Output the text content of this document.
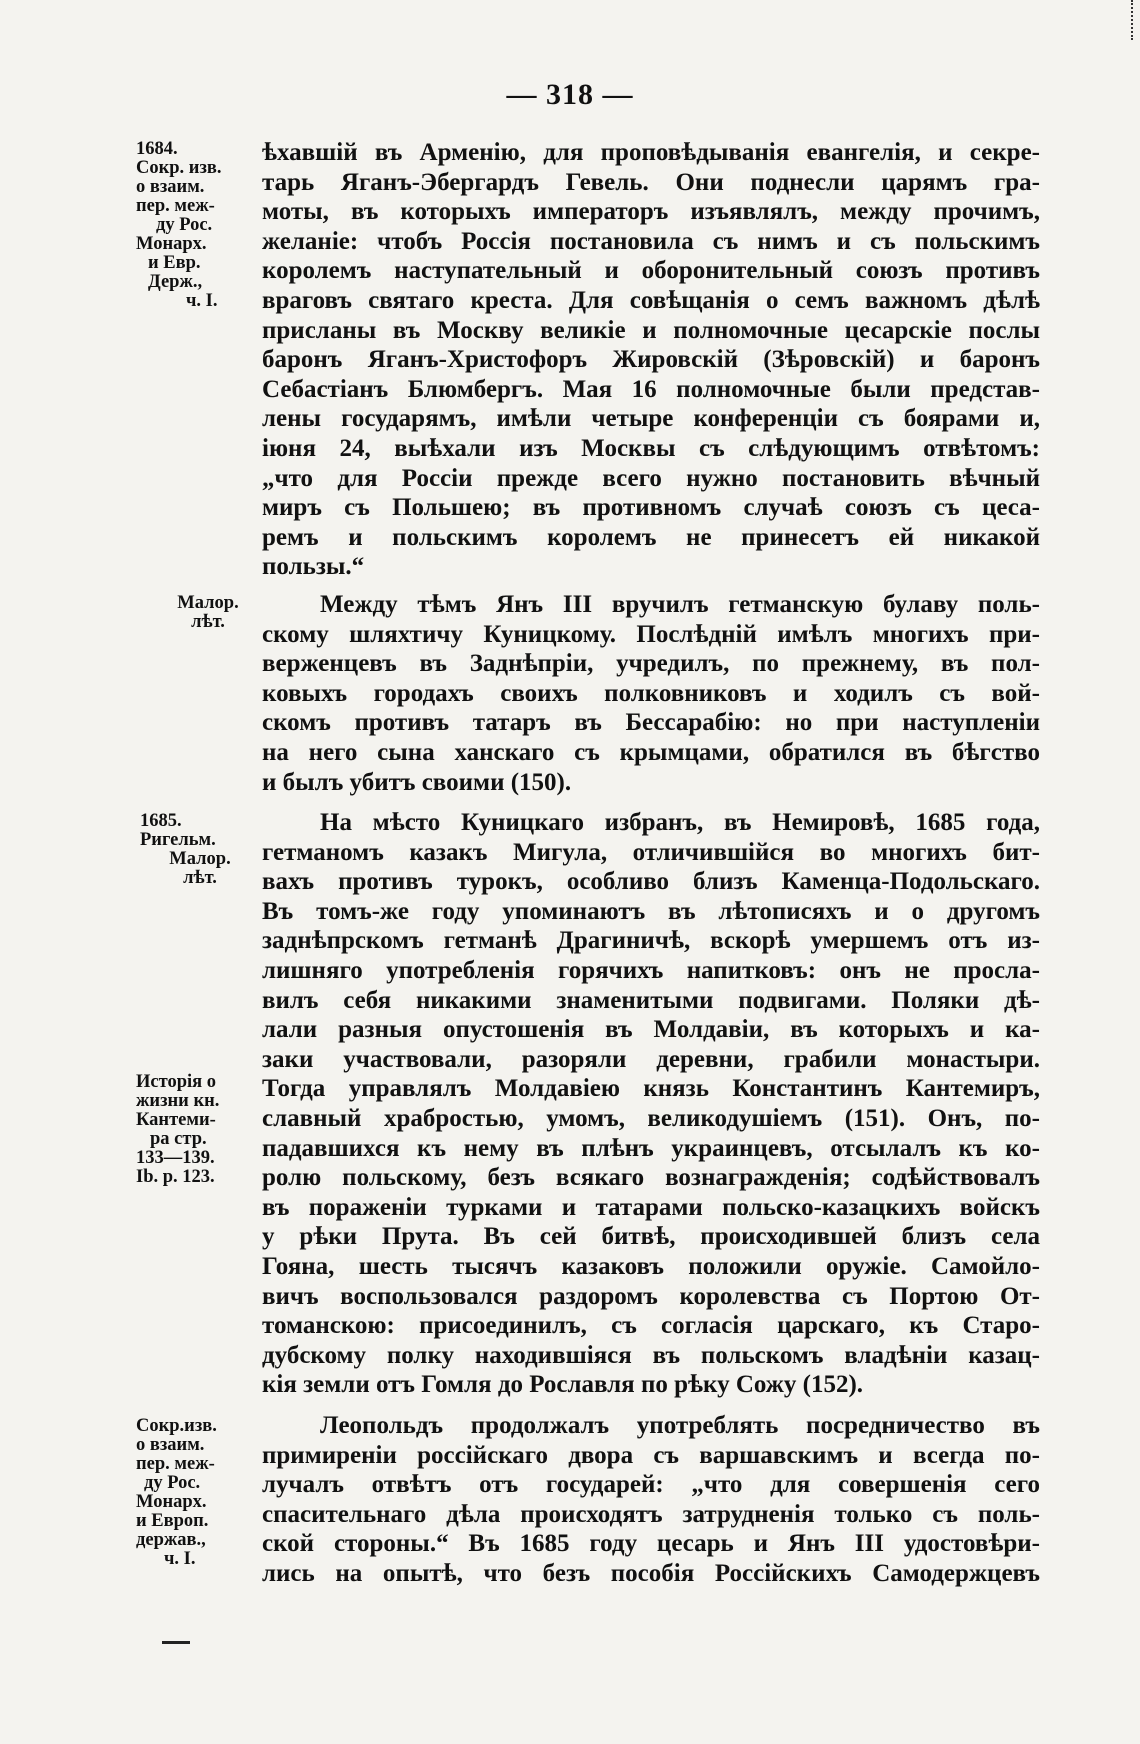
— 318 —
1684.
Сокр. изв.
о взаим.
пер. меж-
ду Рос.
Монарх.
и Евр.
Держ.,
ч. I.
ѣхавшій въ Арменію, для проповѣдыванія евангелія, и секре-
тарь Яганъ-Эбергардъ Гевель. Они поднесли царямъ гра-
моты, въ которыхъ императоръ изъявлялъ, между прочимъ,
желаніе: чтобъ Россія постановила съ нимъ и съ польскимъ
королемъ наступательный и оборонительный союзъ противъ
враговъ святаго креста. Для совѣщанія о семъ важномъ дѣлѣ
присланы въ Москву великіе и полномочные цесарскіе послы
баронъ Яганъ-Христофоръ Жировскій (Зѣровскій) и баронъ
Себастіанъ Блюмбергъ. Мая 16 полномочные были представ-
лены государямъ, имѣли четыре конференціи съ боярами и,
іюня 24, выѣхали изъ Москвы съ слѣдующимъ отвѣтомъ:
„что для Россіи прежде всего нужно постановить вѣчный
миръ съ Польшею; въ противномъ случаѣ союзъ съ цеса-
ремъ и польскимъ королемъ не принесетъ ей никакой
пользы.“
Малор.
лѣт.
Между тѣмъ Янъ III вручилъ гетманскую булаву поль-
скому шляхтичу Куницкому. Послѣдній имѣлъ многихъ при-
верженцевъ въ Заднѣпріи, учредилъ, по прежнему, въ пол-
ковыхъ городахъ своихъ полковниковъ и ходилъ съ вой-
скомъ противъ татаръ въ Бессарабію: но при наступленіи
на него сына ханскаго съ крымцами, обратился въ бѣгство
и былъ убитъ своими (150).
1685.
Ригельм.
Малор.
лѣт.
Исторія о
жизни кн.
Кантеми-
ра стр.
133—139.
Ib. р. 123.
На мѣсто Куницкаго избранъ, въ Немировѣ, 1685 года,
гетманомъ казакъ Мигула, отличившійся во многихъ бит-
вахъ противъ турокъ, особливо близъ Каменца-Подольскаго.
Въ томъ-же году упоминаютъ въ лѣтописяхъ и о другомъ
заднѣпрскомъ гетманѣ Драгиничѣ, вскорѣ умершемъ отъ из-
лишняго употребленія горячихъ напитковъ: онъ не просла-
вилъ себя никакими знаменитыми подвигами. Поляки дѣ-
лали разныя опустошенія въ Молдавіи, въ которыхъ и ка-
заки участвовали, разоряли деревни, грабили монастыри.
Тогда управлялъ Молдавіею князь Константинъ Кантемиръ,
славный храбростью, умомъ, великодушіемъ (151). Онъ, по-
падавшихся къ нему въ плѣнъ украинцевъ, отсылалъ къ ко-
ролю польскому, безъ всякаго вознагражденія; содѣйствовалъ
въ пораженіи турками и татарами польско-казацкихъ войскъ
у рѣки Прута. Въ сей битвѣ, происходившей близъ села
Гояна, шесть тысячъ казаковъ положили оружіе. Самойло-
вичъ воспользовался раздоромъ королевства съ Портою От-
томанскою: присоединилъ, съ согласія царскаго, къ Старо-
дубскому полку находившіяся въ польскомъ владѣніи казац-
кія земли отъ Гомля до Рославля по рѣку Сожу (152).
Сокр.изв.
о взаим.
пер. меж-
ду Рос.
Монарх.
и Европ.
держав.,
ч. I.
Леопольдъ продолжалъ употреблять посредничество въ
примиреніи россійскаго двора съ варшавскимъ и всегда по-
лучалъ отвѣтъ отъ государей: „что для совершенія сего
спасительнаго дѣла происходятъ затрудненія только съ поль-
ской стороны.“ Въ 1685 году цесарь и Янъ III удостовѣри-
лись на опытѣ, что безъ пособія Россійскихъ Самодержцевъ
